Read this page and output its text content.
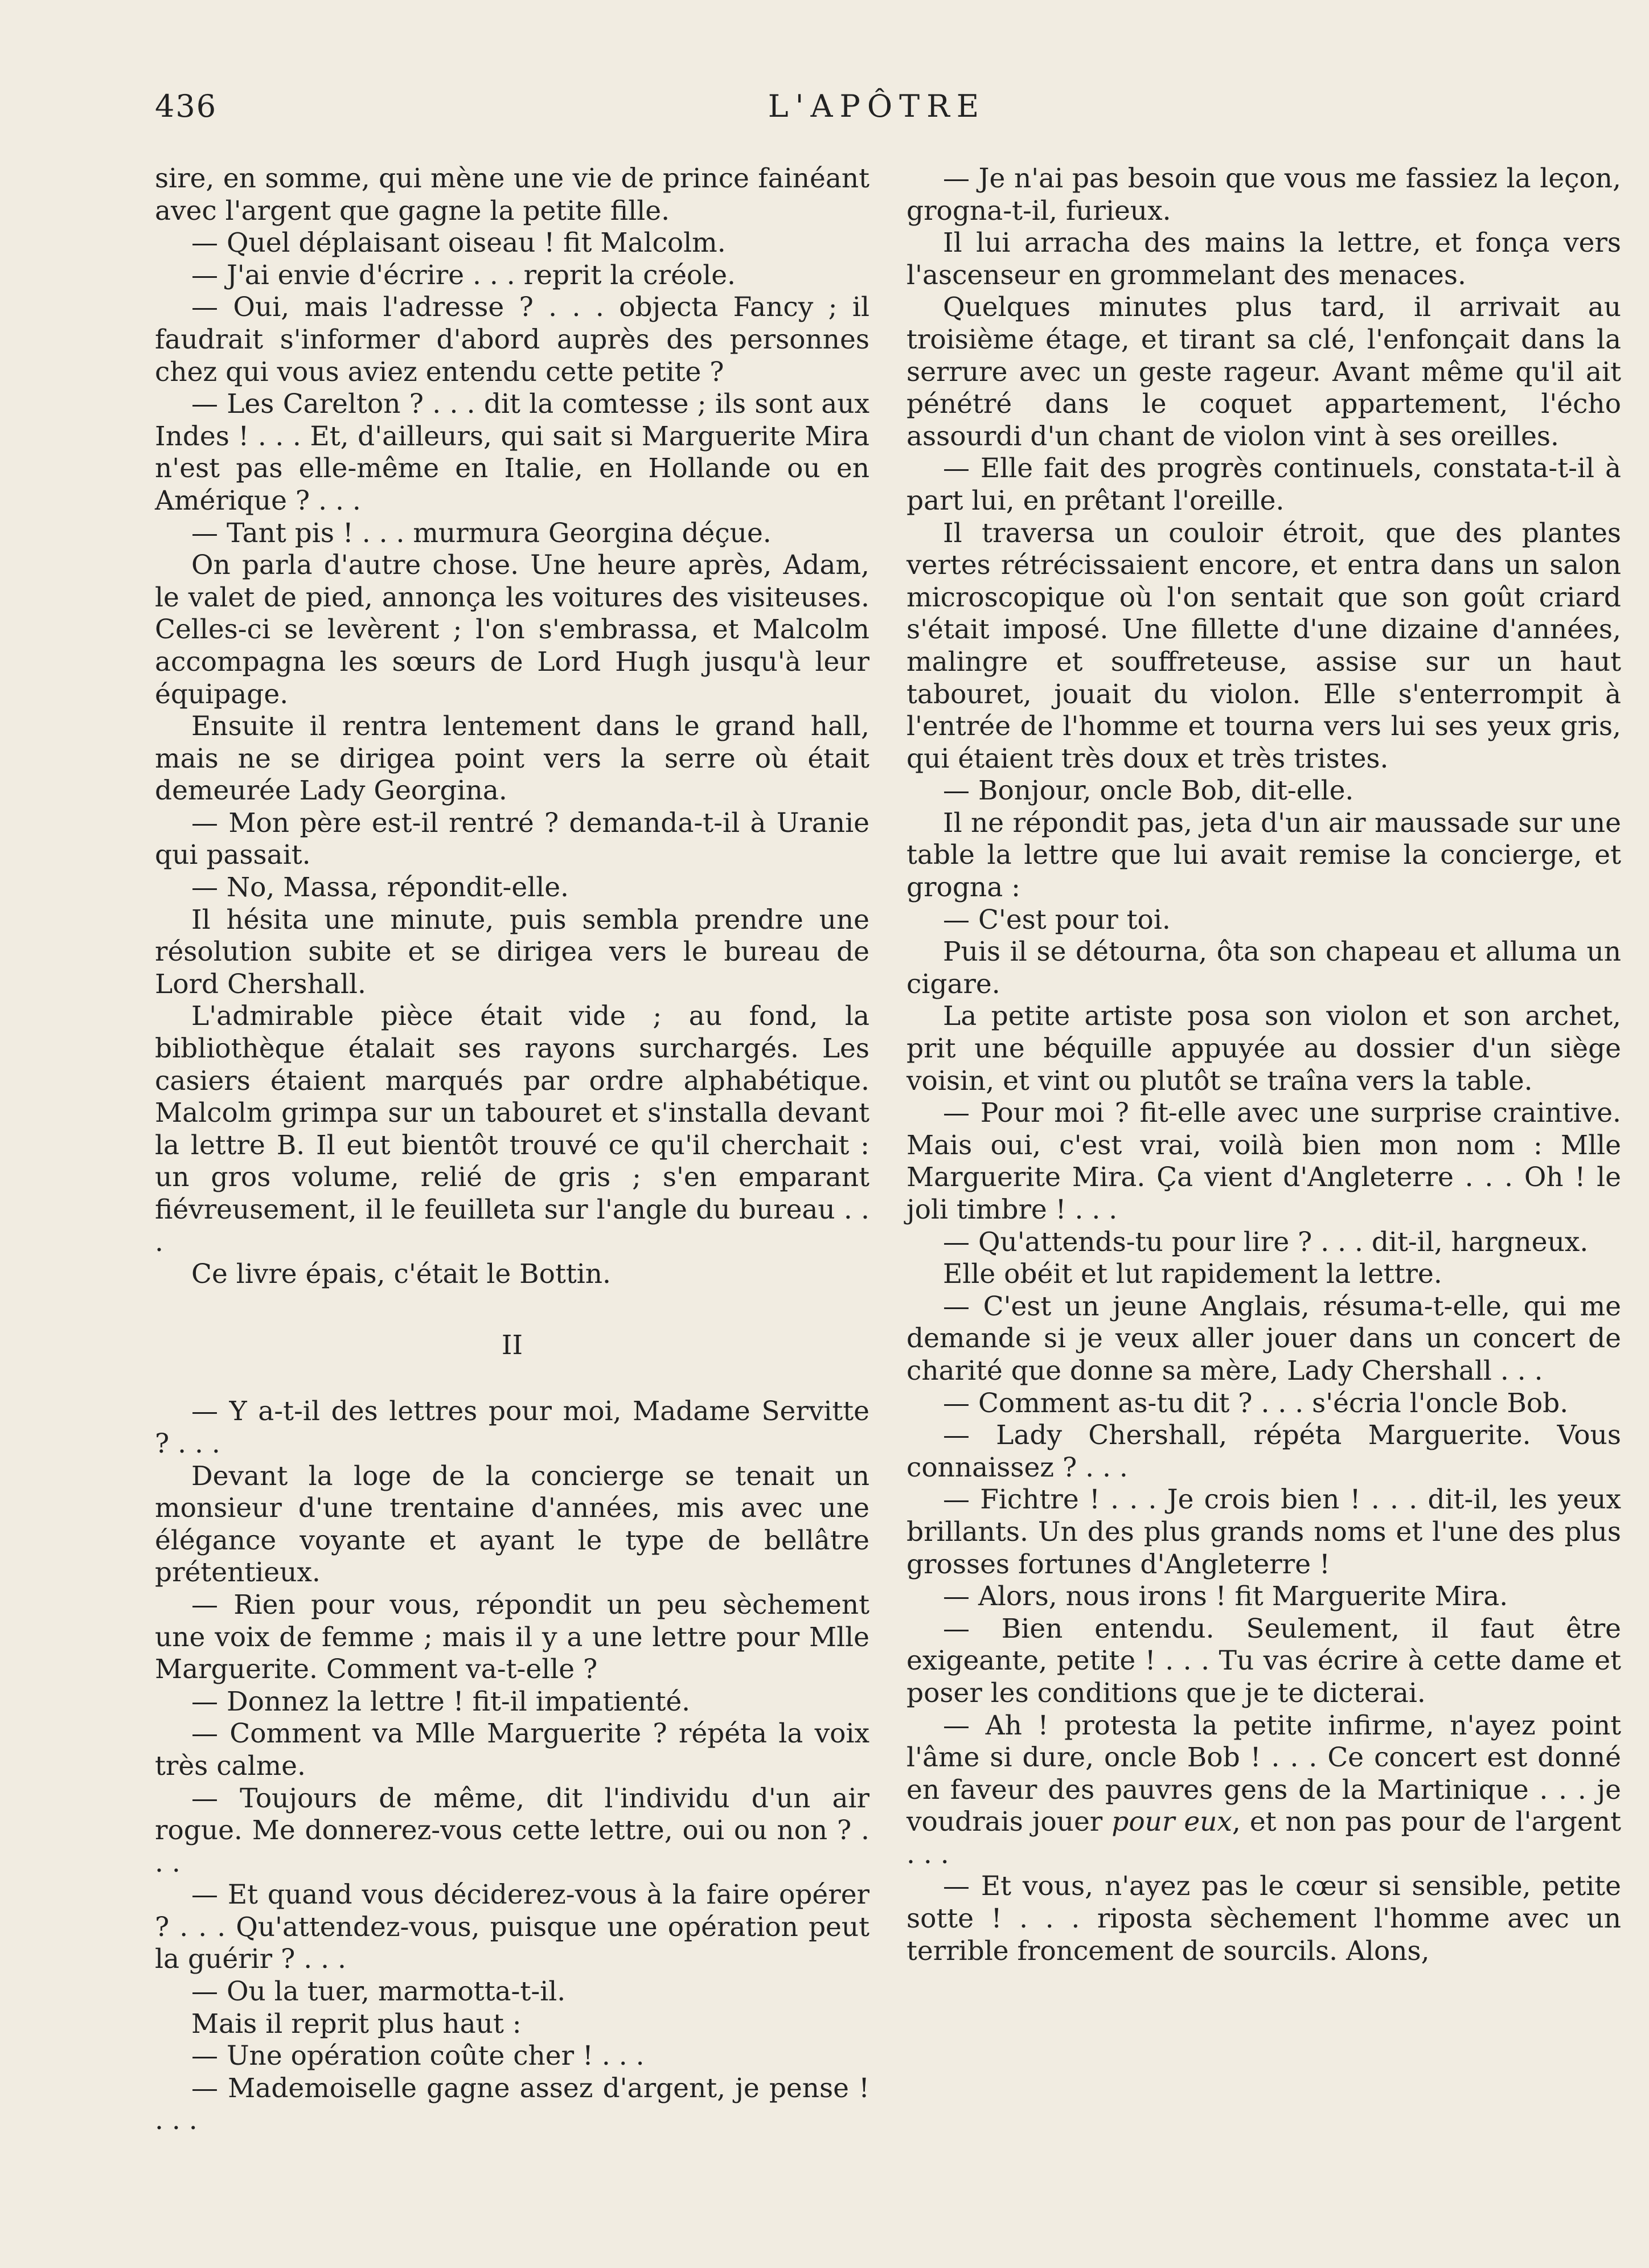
436	L'APÔTRE

sire, en somme, qui mène une vie de prince fainéant avec l'argent que gagne la petite fille.

— Quel déplaisant oiseau ! fit Malcolm.

— J'ai envie d'écrire . . . reprit la créole.

— Oui, mais l'adresse ? . . . objecta Fancy ; il faudrait s'informer d'abord auprès des personnes chez qui vous aviez entendu cette petite ?

— Les Carelton ? . . . dit la comtesse ; ils sont aux Indes ! . . . Et, d'ailleurs, qui sait si Marguerite Mira n'est pas elle-même en Italie, en Hollande ou en Amérique ? . . .

— Tant pis ! . . . murmura Georgina déçue.

On parla d'autre chose. Une heure après, Adam, le valet de pied, annonça les voitures des visiteuses. Celles-ci se levèrent ; l'on s'embrassa, et Malcolm accompagna les sœurs de Lord Hugh jusqu'à leur équipage.

Ensuite il rentra lentement dans le grand hall, mais ne se dirigea point vers la serre où était demeurée Lady Georgina.

— Mon père est-il rentré ? demanda-t-il à Uranie qui passait.

— No, Massa, répondit-elle.

Il hésita une minute, puis sembla prendre une résolution subite et se dirigea vers le bureau de Lord Chershall.

L'admirable pièce était vide ; au fond, la bibliothèque étalait ses rayons surchargés. Les casiers étaient marqués par ordre alphabétique. Malcolm grimpa sur un tabouret et s'installa devant la lettre B. Il eut bientôt trouvé ce qu'il cherchait : un gros volume, relié de gris ; s'en emparant fiévreusement, il le feuilleta sur l'angle du bureau . . .

Ce livre épais, c'était le Bottin.

II

— Y a-t-il des lettres pour moi, Madame Servitte ? . . .

Devant la loge de la concierge se tenait un monsieur d'une trentaine d'années, mis avec une élégance voyante et ayant le type de bellâtre prétentieux.

— Rien pour vous, répondit un peu sèchement une voix de femme ; mais il y a une lettre pour Mlle Marguerite. Comment va-t-elle ?

— Donnez la lettre ! fit-il impatienté.

— Comment va Mlle Marguerite ? répéta la voix très calme.

— Toujours de même, dit l'individu d'un air rogue. Me donnerez-vous cette lettre, oui ou non ? . . .

— Et quand vous déciderez-vous à la faire opérer ? . . . Qu'attendez-vous, puisque une opération peut la guérir ? . . .

— Ou la tuer, marmotta-t-il.

Mais il reprit plus haut :

— Une opération coûte cher ! . . .

— Mademoiselle gagne assez d'argent, je pense ! . . .

— Je n'ai pas besoin que vous me fassiez la leçon, grogna-t-il, furieux.

Il lui arracha des mains la lettre, et fonça vers l'ascenseur en grommelant des menaces.

Quelques minutes plus tard, il arrivait au troisième étage, et tirant sa clé, l'enfonçait dans la serrure avec un geste rageur. Avant même qu'il ait pénétré dans le coquet appartement, l'écho assourdi d'un chant de violon vint à ses oreilles.

— Elle fait des progrès continuels, constata-t-il à part lui, en prêtant l'oreille.

Il traversa un couloir étroit, que des plantes vertes rétrécissaient encore, et entra dans un salon microscopique où l'on sentait que son goût criard s'était imposé. Une fillette d'une dizaine d'années, malingre et souffreteuse, assise sur un haut tabouret, jouait du violon. Elle s'enterrompit à l'entrée de l'homme et tourna vers lui ses yeux gris, qui étaient très doux et très tristes.

— Bonjour, oncle Bob, dit-elle.

Il ne répondit pas, jeta d'un air maussade sur une table la lettre que lui avait remise la concierge, et grogna :

— C'est pour toi.

Puis il se détourna, ôta son chapeau et alluma un cigare.

La petite artiste posa son violon et son archet, prit une béquille appuyée au dossier d'un siège voisin, et vint ou plutôt se traîna vers la table.

— Pour moi ? fit-elle avec une surprise craintive. Mais oui, c'est vrai, voilà bien mon nom : Mlle Marguerite Mira. Ça vient d'Angleterre . . . Oh ! le joli timbre ! . . .

— Qu'attends-tu pour lire ? . . . dit-il, hargneux.

Elle obéit et lut rapidement la lettre.

— C'est un jeune Anglais, résuma-t-elle, qui me demande si je veux aller jouer dans un concert de charité que donne sa mère, Lady Chershall . . .

— Comment as-tu dit ? . . . s'écria l'oncle Bob.

— Lady Chershall, répéta Marguerite. Vous connaissez ? . . .

— Fichtre ! . . . Je crois bien ! . . . dit-il, les yeux brillants. Un des plus grands noms et l'une des plus grosses fortunes d'Angleterre !

— Alors, nous irons ! fit Marguerite Mira.

— Bien entendu. Seulement, il faut être exigeante, petite ! . . . Tu vas écrire à cette dame et poser les conditions que je te dicterai.

— Ah ! protesta la petite infirme, n'ayez point l'âme si dure, oncle Bob ! . . . Ce concert est donné en faveur des pauvres gens de la Martinique . . . je voudrais jouer pour eux, et non pas pour de l'argent . . .

— Et vous, n'ayez pas le cœur si sensible, petite sotte ! . . . riposta sèchement l'homme avec un terrible froncement de sourcils. Alons,
